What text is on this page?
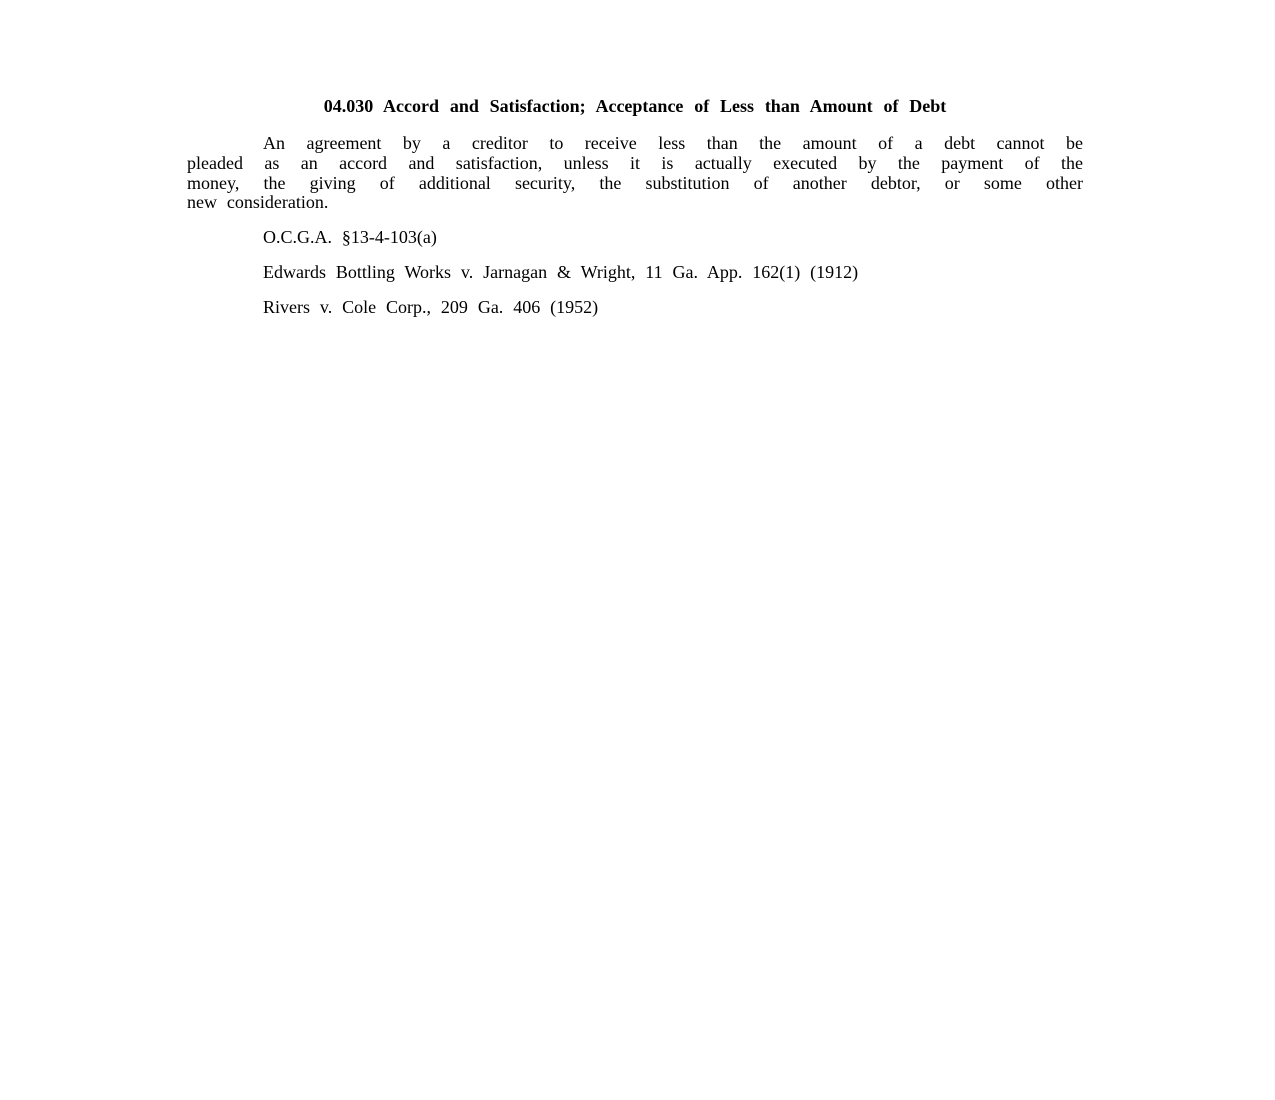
04.030 Accord and Satisfaction; Acceptance of Less than Amount of Debt
An agreement by a creditor to receive less than the amount of a debt cannot be
pleaded as an accord and satisfaction, unless it is actually executed by the payment of the
money, the giving of additional security, the substitution of another debtor, or some other
new consideration.

O.C.G.A. §13-4-103(a)

Edwards Bottling Works v. Jarnagan & Wright, 11 Ga. App. 162(1) (1912)

Rivers v. Cole Corp., 209 Ga. 406 (1952)
